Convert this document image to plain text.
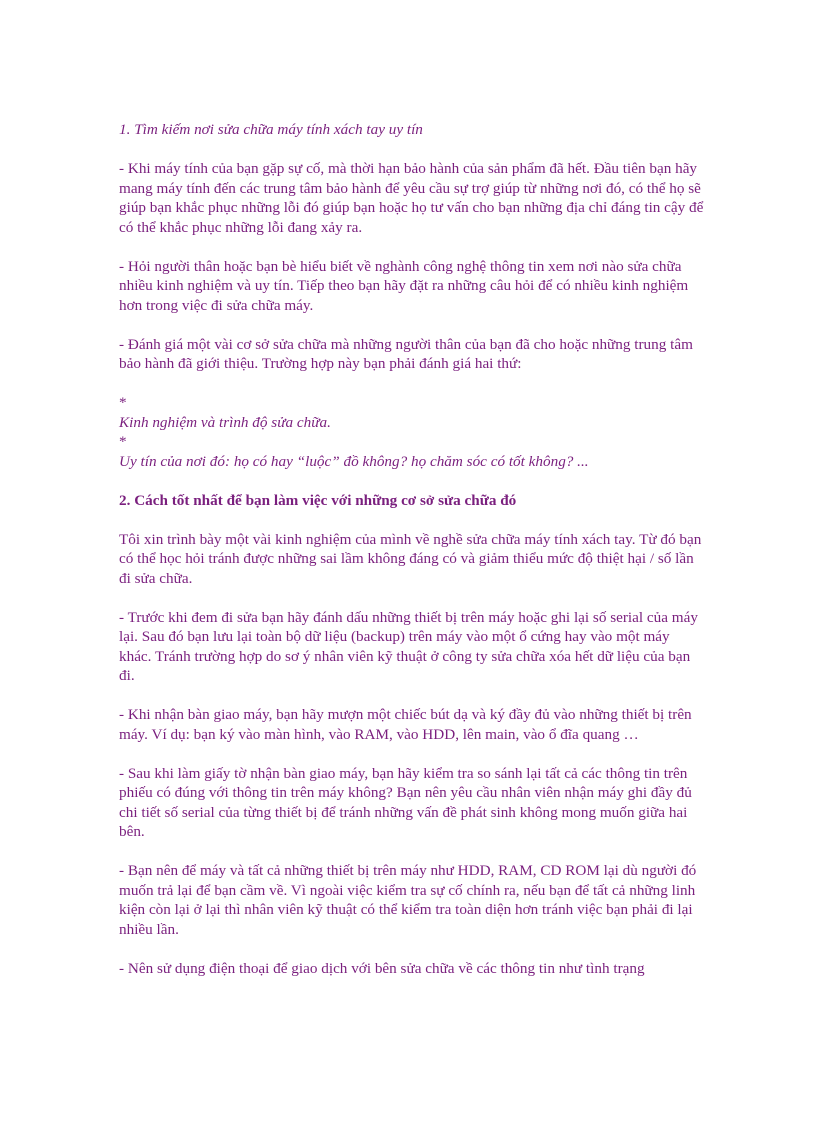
1. Tìm kiếm nơi sửa chữa máy tính xách tay uy tín

- Khi máy tính của bạn gặp sự cố, mà thời hạn bảo hành của sản phẩm đã hết. Đầu tiên bạn hãy mang máy tính đến các trung tâm bảo hành để yêu cầu sự trợ giúp từ những nơi đó, có thể họ sẽ giúp bạn khắc phục những lỗi đó giúp bạn hoặc họ tư vấn cho bạn những địa chỉ đáng tin cậy để có thể khắc phục những lỗi đang xảy ra.

- Hỏi người thân hoặc bạn bè hiểu biết về nghành công nghệ thông tin xem nơi nào sửa chữa nhiều kinh nghiệm và uy tín. Tiếp theo bạn hãy đặt ra những câu hỏi để có nhiều kinh nghiệm hơn trong việc đi sửa chữa máy.

- Đánh giá một vài cơ sở sửa chữa mà những người thân của bạn đã cho hoặc những trung tâm bảo hành đã giới thiệu. Trường hợp này bạn phải đánh giá hai thứ:

*

Kinh nghiệm và trình độ sửa chữa.

*

Uy tín của nơi đó: họ có hay “luộc” đồ không? họ chăm sóc có tốt không? ...

2. Cách tốt nhất để bạn làm việc với những cơ sở sửa chữa đó

Tôi xin trình bày một vài kinh nghiệm của mình về nghề sửa chữa máy tính xách tay. Từ đó bạn có thể học hỏi tránh được những sai lầm không đáng có và giảm thiểu mức độ thiệt hại / số lần đi sửa chữa.

- Trước khi đem đi sửa bạn hãy đánh dấu những thiết bị trên máy hoặc ghi lại số serial của máy lại. Sau đó bạn lưu lại toàn bộ dữ liệu (backup) trên máy vào một ổ cứng hay vào một máy khác. Tránh trường hợp do sơ ý nhân viên kỹ thuật ở công ty sửa chữa xóa hết dữ liệu của bạn đi.

- Khi nhận bàn giao máy, bạn hãy mượn một chiếc bút dạ và ký đầy đủ vào những thiết bị trên máy. Ví dụ: bạn ký vào màn hình, vào RAM, vào HDD, lên main, vào ổ đĩa quang …

- Sau khi làm giấy tờ nhận bàn giao máy, bạn hãy kiểm tra so sánh lại tất cả các thông tin trên phiếu có đúng với thông tin trên máy không? Bạn nên yêu cầu nhân viên nhận máy ghi đầy đủ chi tiết số serial của từng thiết bị để tránh những vấn đề phát sinh không mong muốn giữa hai bên.

- Bạn nên để máy và tất cả những thiết bị trên máy như HDD, RAM, CD ROM lại dù người đó muốn trả lại để bạn cầm về. Vì ngoài việc kiểm tra sự cố chính ra, nếu bạn để tất cả những linh kiện còn lại ở lại thì nhân viên kỹ thuật có thể kiểm tra toàn diện hơn tránh việc bạn phải đi lại nhiều lần.

- Nên sử dụng điện thoại để giao dịch với bên sửa chữa về các thông tin như tình trạng
